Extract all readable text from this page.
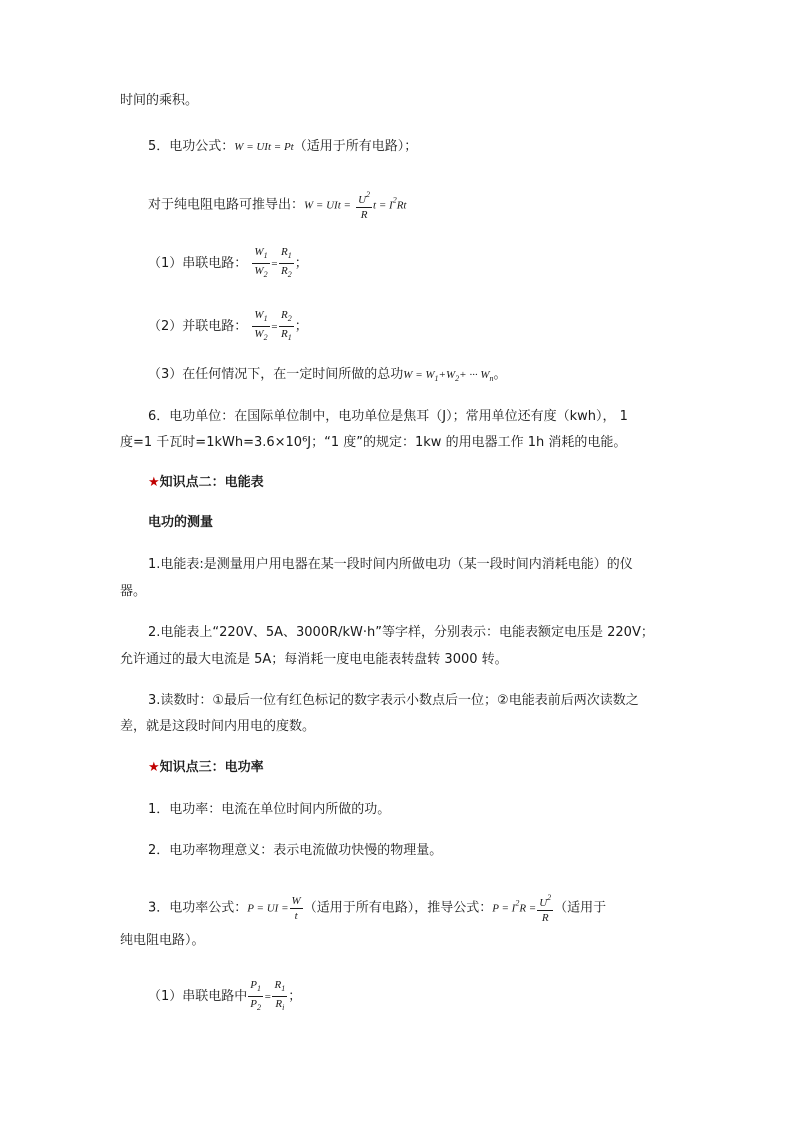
时间的乘积。
5．电功公式：W = UIt = Pt（适用于所有电路）；
对于纯电阻电路可推导出：W = UIt = $\frac{U^2}{R}$ $t = I^2Rt$
（1）串联电路： $\frac{W_1}{W_2} = \frac{R_1}{R_2}$ ；
（2）并联电路： $\frac{W_1}{W_2} = \frac{R_2}{R_1}$ ；
（3）在任何情况下，在一定时间所做的总功$W = W_1+W_2+$ ··· $W_n$。
6．电功单位：在国际单位制中，电功单位是焦耳（J）；常用单位还有度（kwh）， 1
度=1 千瓦时=1kWh=3.6×10⁶J；“1 度”的规定：1kw 的用电器工作 1h 消耗的电能。
★知识点二：电能表
电功的测量
1.电能表:是测量用户用电器在某一段时间内所做电功（某一段时间内消耗电能）的仪
器。
2.电能表上“220V、5A、3000R/kW·h”等字样，分别表示：电能表额定电压是 220V；
允许通过的最大电流是 5A；每消耗一度电电能表转盘转 3000 转。
3.读数时：①最后一位有红色标记的数字表示小数点后一位；②电能表前后两次读数之
差，就是这段时间内用电的度数。
★知识点三：电功率
1．电功率：电流在单位时间内所做的功。
2．电功率物理意义：表示电流做功快慢的物理量。
3．电功率公式：P = UI = $\frac{W}{t}$ （适用于所有电路），推导公式：$P = I^2R = \frac{U^2}{R}$ （适用于
纯电阻电路）。
（1）串联电路中 $\frac{P_1}{P_2} = \frac{R_1}{R_i}$ ；
